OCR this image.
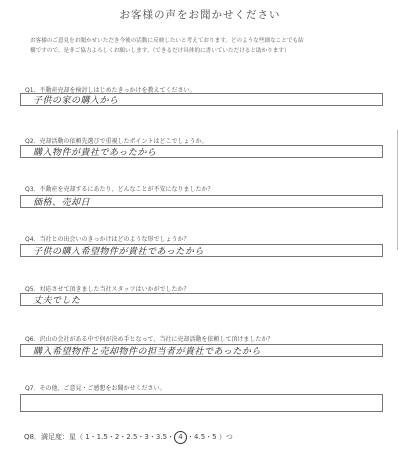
お客様の声をお聞かせください
お客様のご意見をお聞かせいただき今後の活動に反映したいと考えております。どのような些細なことでも結
構ですので、是非ご協力よろしくお願いします。（できるだけ具体的に書いていただけると助かります）
Q1．不動産売却を検討しはじめたきっかけを教えてください。
子供の家の購入から
Q2．売却活動の依頼先選びで重視したポイントはどこでしょうか。
購入物件が貴社であったから
Q3．不動産を売却するにあたり、どんなことが不安になりましたか？
価格、売却日
Q4．当社との出会いのきっかけはどのような形でしょうか？
子供の購入希望物件が貴社であったから
Q5．対応させて頂きました当社スタッフはいかがでしたか？
丈夫でした
Q6．沢山の会社がある中で何が決め手となって、当社に売却活動を依頼して頂けましたか？
購入希望物件と売却物件の担当者が貴社であったから
Q7．その他、ご意見・ご感想をお聞かせください。
Q8．満足度：星（ 1・1.5・2・2.5・3・3.5・4・4.5・5 ）つ
